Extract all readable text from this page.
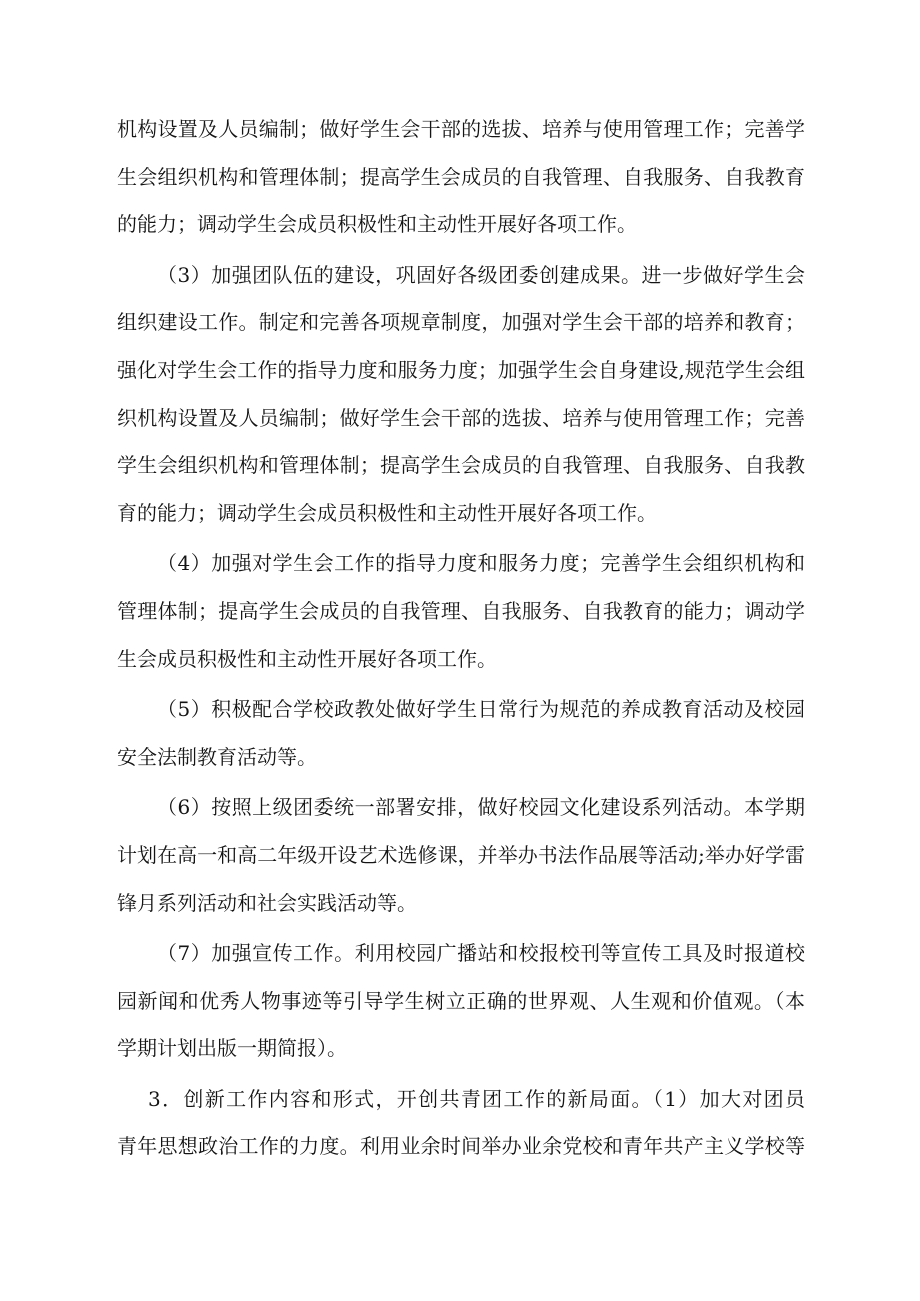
机构设置及人员编制；做好学生会干部的选拔、培养与使用管理工作；完善学
生会组织机构和管理体制；提高学生会成员的自我管理、自我服务、自我教育
的能力；调动学生会成员积极性和主动性开展好各项工作。
（3）加强团队伍的建设，巩固好各级团委创建成果。进一步做好学生会
组织建设工作。制定和完善各项规章制度，加强对学生会干部的培养和教育；
强化对学生会工作的指导力度和服务力度；加强学生会自身建设,规范学生会组
织机构设置及人员编制；做好学生会干部的选拔、培养与使用管理工作；完善
学生会组织机构和管理体制；提高学生会成员的自我管理、自我服务、自我教
育的能力；调动学生会成员积极性和主动性开展好各项工作。
（4）加强对学生会工作的指导力度和服务力度；完善学生会组织机构和
管理体制；提高学生会成员的自我管理、自我服务、自我教育的能力；调动学
生会成员积极性和主动性开展好各项工作。
（5）积极配合学校政教处做好学生日常行为规范的养成教育活动及校园
安全法制教育活动等。
（6）按照上级团委统一部署安排，做好校园文化建设系列活动。本学期
计划在高一和高二年级开设艺术选修课，并举办书法作品展等活动;举办好学雷
锋月系列活动和社会实践活动等。
（7）加强宣传工作。利用校园广播站和校报校刊等宣传工具及时报道校
园新闻和优秀人物事迹等引导学生树立正确的世界观、人生观和价值观。（本
学期计划出版一期简报）。
3．创新工作内容和形式，开创共青团工作的新局面。（1）加大对团员
青年思想政治工作的力度。利用业余时间举办业余党校和青年共产主义学校等
